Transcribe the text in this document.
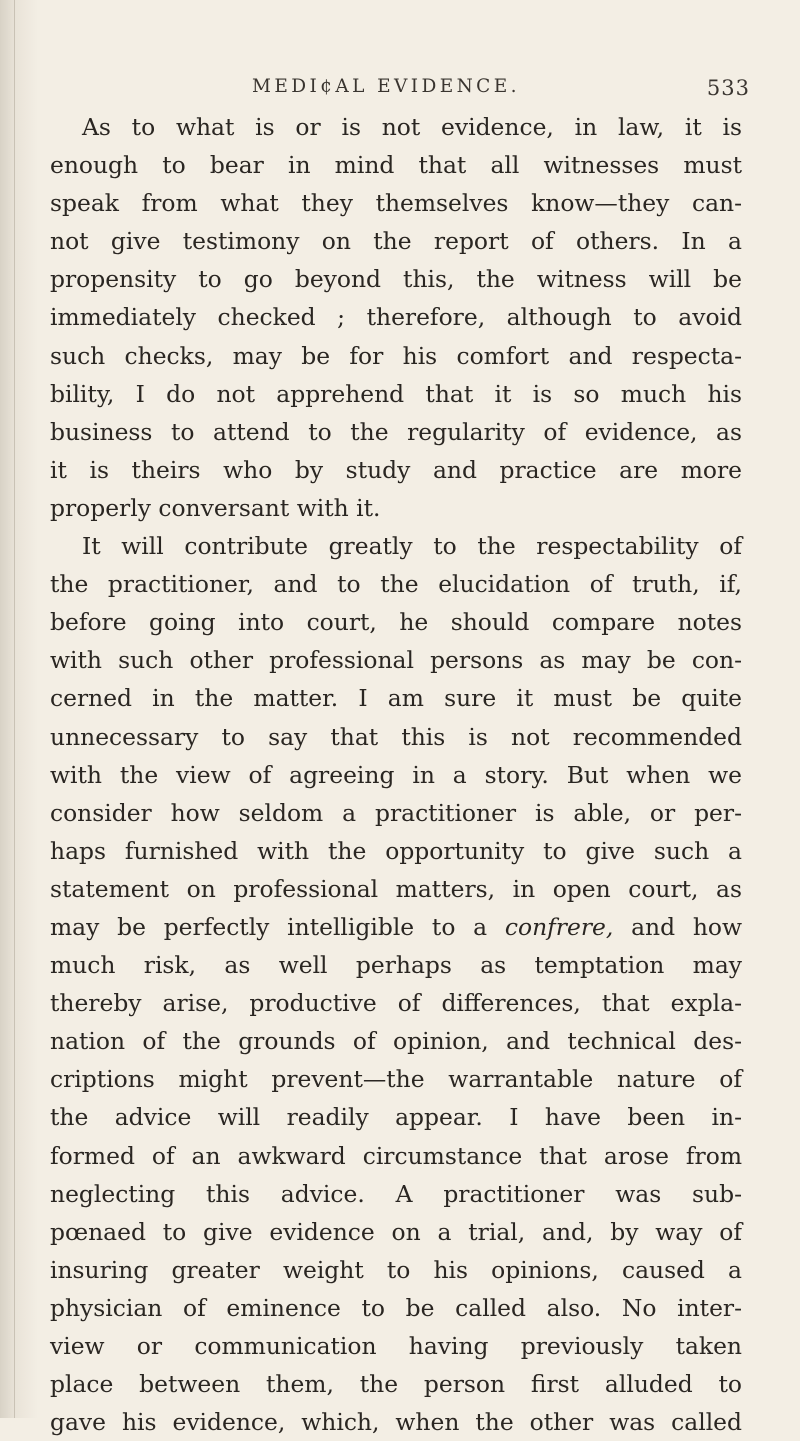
MEDI¢AL EVIDENCE.	533
As to what is or is not evidence, in law, it is
enough to bear in mind that all witnesses must
speak from what they themselves know—they can-
not give testimony on the report of others. In a
propensity to go beyond this, the witness will be
immediately checked ; therefore, although to avoid
such checks, may be for his comfort and respecta-
bility, I do not apprehend that it is so much his
business to attend to the regularity of evidence, as
it is theirs who by study and practice are more
properly conversant with it.
It will contribute greatly to the respectability of
the practitioner, and to the elucidation of truth, if,
before going into court, he should compare notes
with such other professional persons as may be con-
cerned in the matter. I am sure it must be quite
unnecessary to say that this is not recommended
with the view of agreeing in a story. But when we
consider how seldom a practitioner is able, or per-
haps furnished with the opportunity to give such a
statement on professional matters, in open court, as
may be perfectly intelligible to a confrere, and how
much risk, as well perhaps as temptation may
thereby arise, productive of differences, that expla-
nation of the grounds of opinion, and technical des-
criptions might prevent—the warrantable nature of
the advice will readily appear. I have been in-
formed of an awkward circumstance that arose from
neglecting this advice. A practitioner was sub-
pœnaed to give evidence on a trial, and, by way of
insuring greater weight to his opinions, caused a
physician of eminence to be called also. No inter-
view or communication having previously taken
place between them, the person first alluded to
gave his evidence, which, when the other was called
